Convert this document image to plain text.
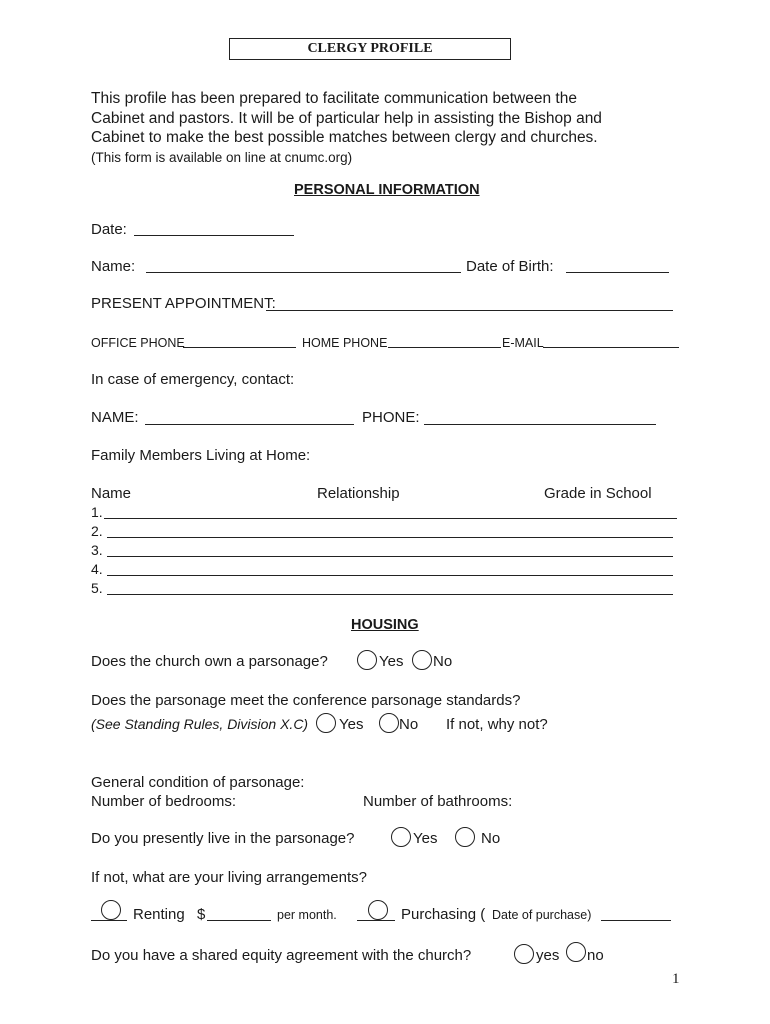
CLERGY PROFILE
This profile has been prepared to facilitate communication between the
Cabinet and pastors. It will be of particular help in assisting the Bishop and
Cabinet to make the best possible matches between clergy and churches.
(This form is available on line at cnumc.org)
PERSONAL INFORMATION
Date:
Name:	Date of Birth:
PRESENT APPOINTMENT:
OFFICE PHONE	HOME PHONE	E-MAIL
In case of emergency, contact:
NAME:	PHONE:
Family Members Living at Home:
Name	Relationship	Grade in School
1.
2.
3.
4.
5.
HOUSING
Does the church own a parsonage?	Yes No
Does the parsonage meet the conference parsonage standards?
(See Standing Rules, Division X.C) Yes No If not, why not?
General condition of parsonage:
Number of bedrooms:	Number of bathrooms:
Do you presently live in the parsonage?	Yes	No
If not, what are your living arrangements?
Renting $	per month.	Purchasing ( Date of purchase)
Do you have a shared equity agreement with the church?	yes no
1
